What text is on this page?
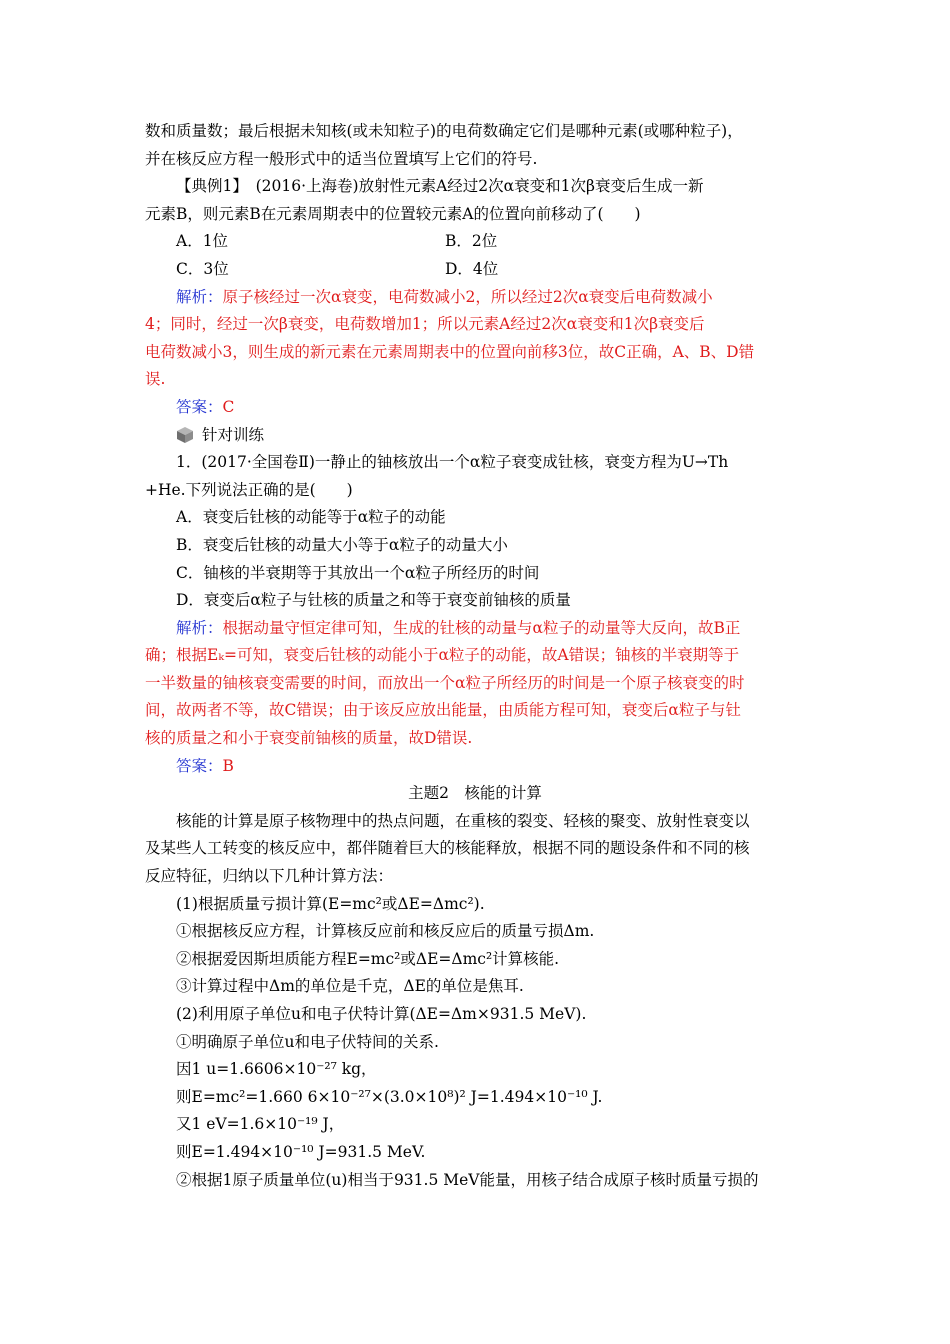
数和质量数；最后根据未知核(或未知粒子)的电荷数确定它们是哪种元素(或哪种粒子)，
并在核反应方程一般形式中的适当位置填写上它们的符号.
【典例1】　(2016·上海卷)放射性元素A经过2次α衰变和1次β衰变后生成一新
元素B，则元素B在元素周期表中的位置较元素A的位置向前移动了(　　)
A．1位	B．2位
C．3位	D．4位
解析：原子核经过一次α衰变，电荷数减小2，所以经过2次α衰变后电荷数减小
4；同时，经过一次β衰变，电荷数增加1；所以元素A经过2次α衰变和1次β衰变后
电荷数减小3，则生成的新元素在元素周期表中的位置向前移3位，故C正确，A、B、D错
误.
答案：C
针对训练
1．(2017·全国卷Ⅱ)一静止的铀核放出一个α粒子衰变成钍核，衰变方程为U→Th
+He.下列说法正确的是(　　)
A．衰变后钍核的动能等于α粒子的动能
B．衰变后钍核的动量大小等于α粒子的动量大小
C．铀核的半衰期等于其放出一个α粒子所经历的时间
D．衰变后α粒子与钍核的质量之和等于衰变前铀核的质量
解析：根据动量守恒定律可知，生成的钍核的动量与α粒子的动量等大反向，故B正
确；根据Eₖ=可知，衰变后钍核的动能小于α粒子的动能，故A错误；铀核的半衰期等于
一半数量的铀核衰变需要的时间，而放出一个α粒子所经历的时间是一个原子核衰变的时
间，故两者不等，故C错误；由于该反应放出能量，由质能方程可知，衰变后α粒子与钍
核的质量之和小于衰变前铀核的质量，故D错误.
答案：B
主题2　核能的计算
核能的计算是原子核物理中的热点问题，在重核的裂变、轻核的聚变、放射性衰变以
及某些人工转变的核反应中，都伴随着巨大的核能释放，根据不同的题设条件和不同的核
反应特征，归纳以下几种计算方法：
(1)根据质量亏损计算(E=mc²或ΔE=Δmc²).
①根据核反应方程，计算核反应前和核反应后的质量亏损Δm.
②根据爱因斯坦质能方程E=mc²或ΔE=Δmc²计算核能.
③计算过程中Δm的单位是千克，ΔE的单位是焦耳.
(2)利用原子单位u和电子伏特计算(ΔE=Δm×931.5 MeV).
①明确原子单位u和电子伏特间的关系.
因1 u=1.6606×10⁻²⁷ kg，
则E=mc²=1.660 6×10⁻²⁷×(3.0×10⁸)² J=1.494×10⁻¹⁰ J.
又1 eV=1.6×10⁻¹⁹ J，
则E=1.494×10⁻¹⁰ J=931.5 MeV.
②根据1原子质量单位(u)相当于931.5 MeV能量，用核子结合成原子核时质量亏损的
